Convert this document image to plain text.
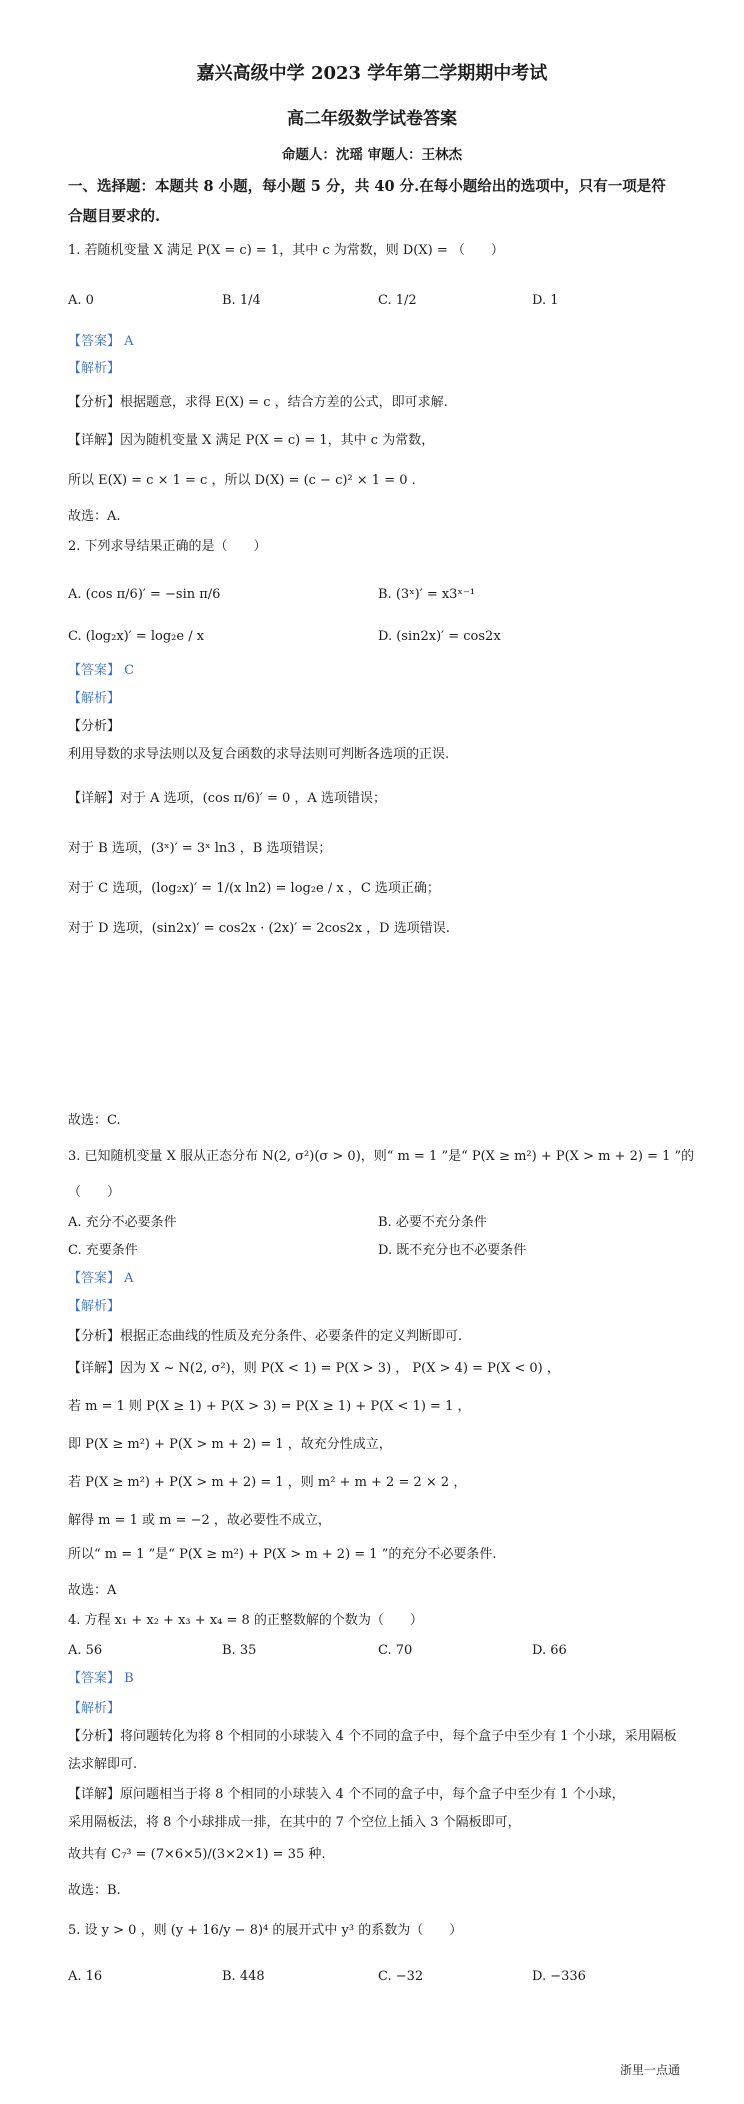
嘉兴高级中学 2023 学年第二学期期中考试
高二年级数学试卷答案
命题人：沈瑶 审题人：王林杰
一、选择题：本题共 8 小题，每小题 5 分，共 40 分.在每小题给出的选项中，只有一项是符
合题目要求的.
1. 若随机变量 X 满足 P(X = c) = 1，其中 c 为常数，则 D(X) = （　　）
A. 0	B. 1/4	C. 1/2	D. 1
【答案】 A
【解析】
【分析】根据题意，求得 E(X) = c ，结合方差的公式，即可求解.
【详解】因为随机变量 X 满足 P(X = c) = 1，其中 c 为常数，
所以 E(X) = c × 1 = c ，所以 D(X) = (c − c)² × 1 = 0 .
故选：A.
2. 下列求导结果正确的是（　　）
A. (cos π/6)′ = −sin π/6	B. (3ˣ)′ = x3ˣ⁻¹
C. (log₂x)′ = log₂e / x	D. (sin2x)′ = cos2x
【答案】 C
【解析】
【分析】
利用导数的求导法则以及复合函数的求导法则可判断各选项的正误.
【详解】对于 A 选项，(cos π/6)′ = 0 ，A 选项错误；
对于 B 选项，(3ˣ)′ = 3ˣ ln3 ，B 选项错误；
对于 C 选项，(log₂x)′ = 1/(x ln2) = log₂e / x ，C 选项正确；
对于 D 选项，(sin2x)′ = cos2x · (2x)′ = 2cos2x ，D 选项错误.
故选：C.
3. 已知随机变量 X 服从正态分布 N(2, σ²)(σ > 0)，则“ m = 1 ”是“ P(X ≥ m²) + P(X > m + 2) = 1 ”的
（　　）
A. 充分不必要条件	B. 必要不充分条件
C. 充要条件	D. 既不充分也不必要条件
【答案】 A
【解析】
【分析】根据正态曲线的性质及充分条件、必要条件的定义判断即可.
【详解】因为 X ~ N(2, σ²)，则 P(X < 1) = P(X > 3) ， P(X > 4) = P(X < 0) ，
若 m = 1 则 P(X ≥ 1) + P(X > 3) = P(X ≥ 1) + P(X < 1) = 1 ，
即 P(X ≥ m²) + P(X > m + 2) = 1 ，故充分性成立，
若 P(X ≥ m²) + P(X > m + 2) = 1 ，则 m² + m + 2 = 2 × 2 ，
解得 m = 1 或 m = −2 ，故必要性不成立，
所以“ m = 1 ”是“ P(X ≥ m²) + P(X > m + 2) = 1 ”的充分不必要条件.
故选：A
4. 方程 x₁ + x₂ + x₃ + x₄ = 8 的正整数解的个数为（　　）
A. 56	B. 35	C. 70	D. 66
【答案】 B
【解析】
【分析】将问题转化为将 8 个相同的小球装入 4 个不同的盒子中，每个盒子中至少有 1 个小球，采用隔板
法求解即可.
【详解】原问题相当于将 8 个相同的小球装入 4 个不同的盒子中，每个盒子中至少有 1 个小球，
采用隔板法，将 8 个小球排成一排，在其中的 7 个空位上插入 3 个隔板即可，
故共有 C₇³ = (7×6×5)/(3×2×1) = 35 种.
故选：B.
5. 设 y > 0 ，则 (y + 16/y − 8)⁴ 的展开式中 y³ 的系数为（　　）
A. 16	B. 448	C. −32	D. −336
浙里一点通
